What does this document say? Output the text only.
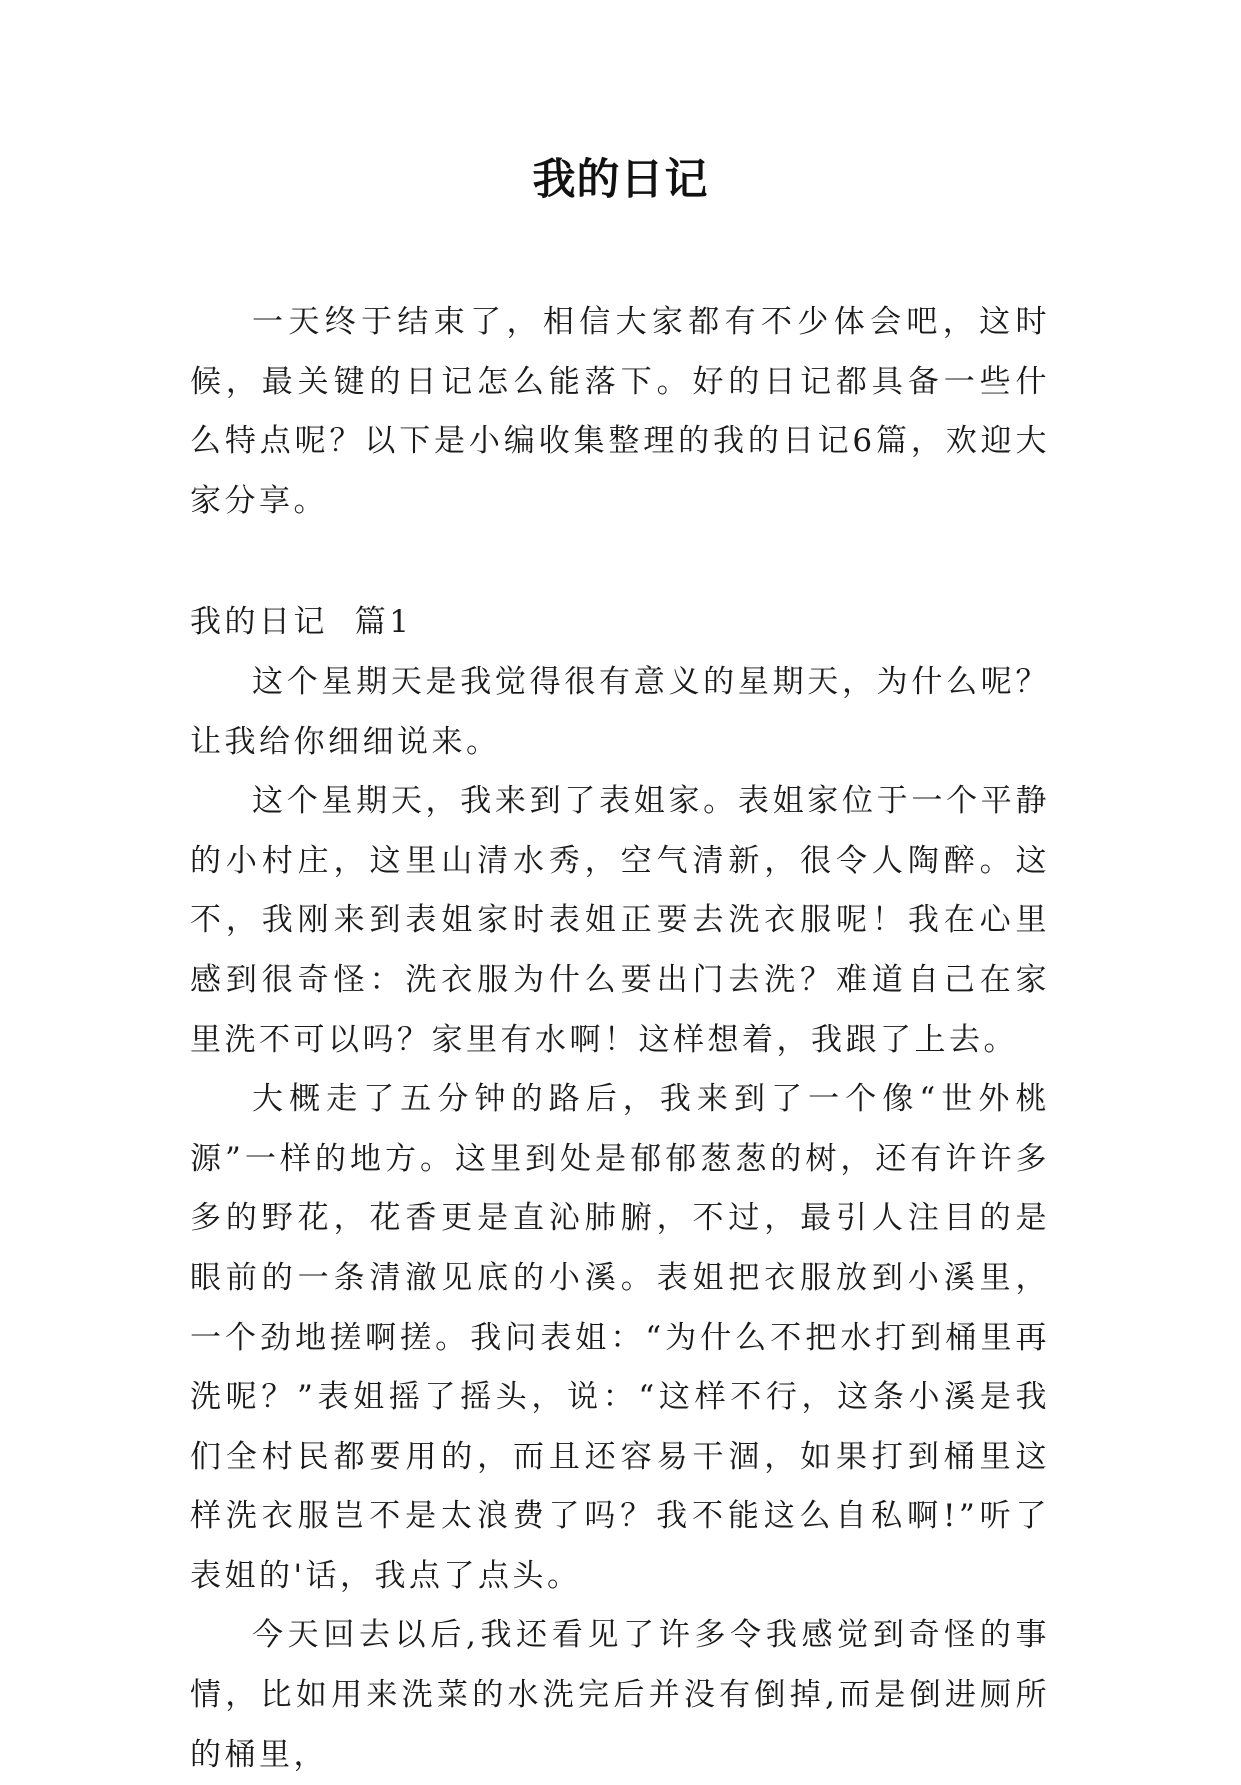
我的日记

一天终于结束了，相信大家都有不少体会吧，这时候，最关键的日记怎么能落下。好的日记都具备一些什么特点呢？以下是小编收集整理的我的日记6篇，欢迎大家分享。

我的日记  篇1

这个星期天是我觉得很有意义的星期天，为什么呢？让我给你细细说来。

这个星期天，我来到了表姐家。表姐家位于一个平静的小村庄，这里山清水秀，空气清新，很令人陶醉。这不，我刚来到表姐家时表姐正要去洗衣服呢！我在心里感到很奇怪：洗衣服为什么要出门去洗？难道自己在家里洗不可以吗？家里有水啊！这样想着，我跟了上去。

大概走了五分钟的路后，我来到了一个像“世外桃源”一样的地方。这里到处是郁郁葱葱的树，还有许许多多的野花，花香更是直沁肺腑，不过，最引人注目的是眼前的一条清澈见底的小溪。表姐把衣服放到小溪里，一个劲地搓啊搓。我问表姐：“为什么不把水打到桶里再洗呢？”表姐摇了摇头，说：“这样不行，这条小溪是我们全村民都要用的，而且还容易干涸，如果打到桶里这样洗衣服岂不是太浪费了吗？我不能这么自私啊!”听了表姐的'话，我点了点头。

今天回去以后,我还看见了许多令我感觉到奇怪的事情，比如用来洗菜的水洗完后并没有倒掉,而是倒进厕所的桶里，
